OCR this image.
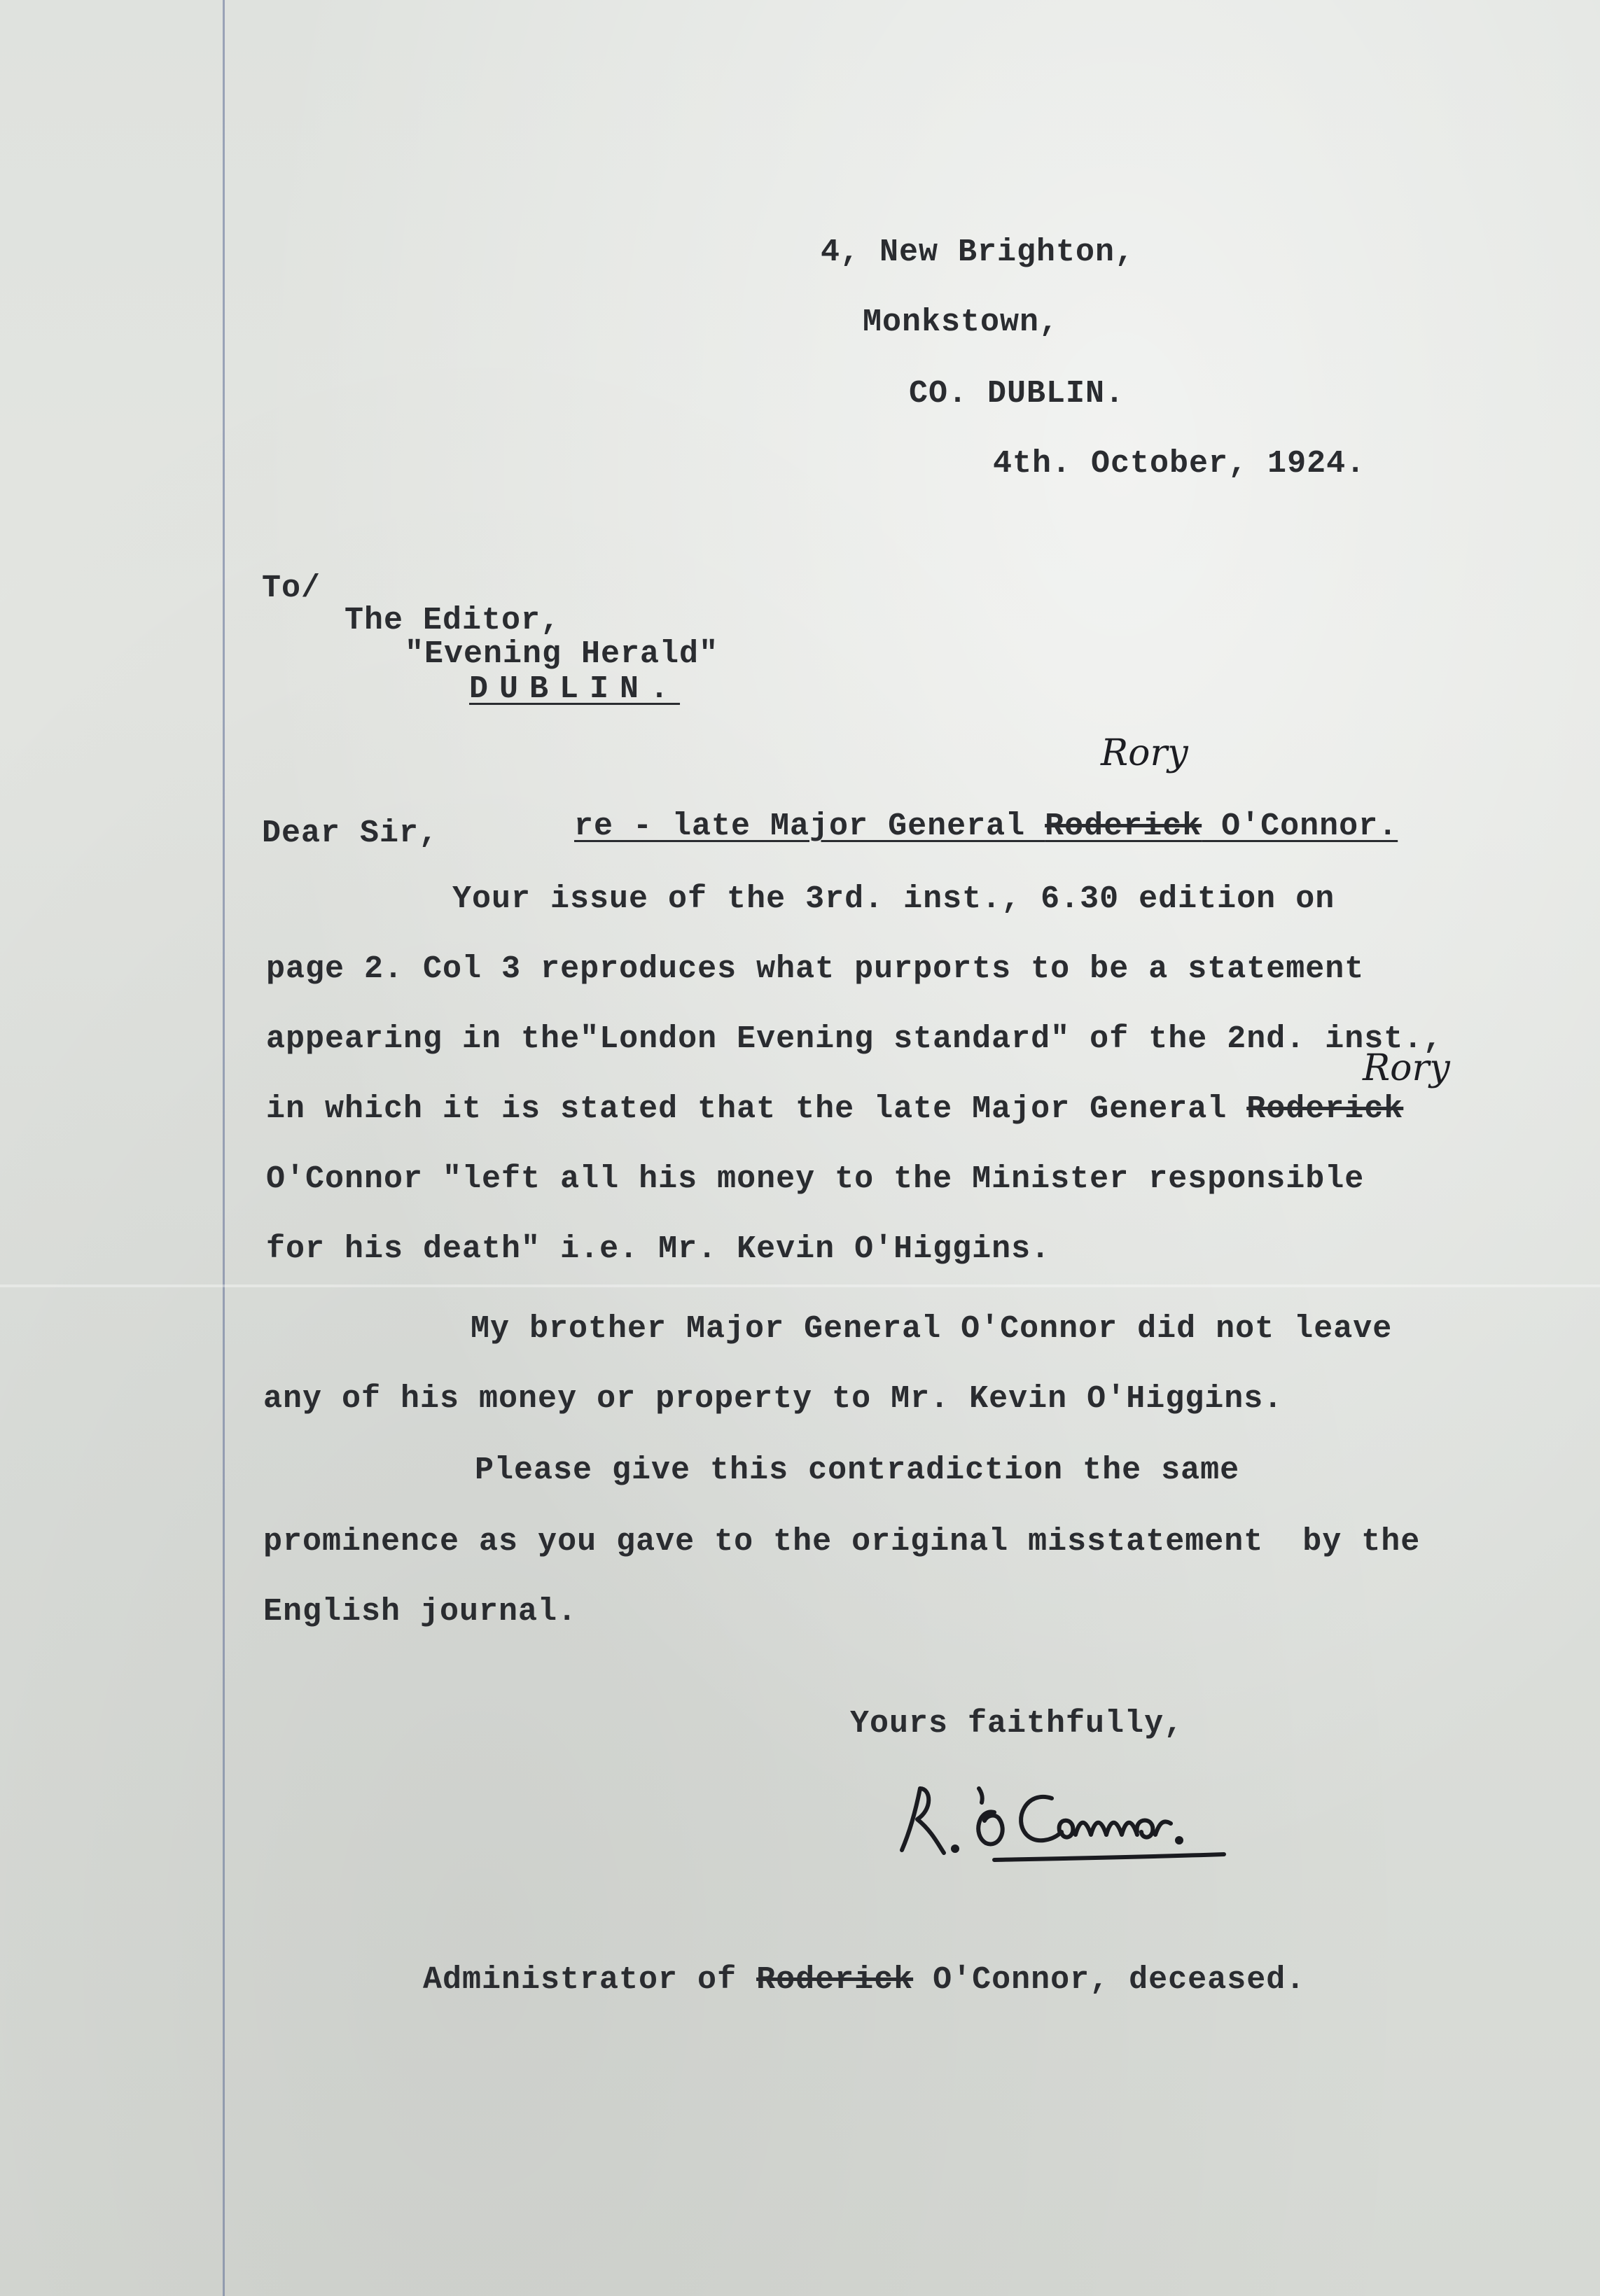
4, New Brighton,
Monkstown,
CO. DUBLIN.
4th. October, 1924.
To/
The Editor,
"Evening Herald"
DUBLIN.
Dear Sir,
Rory
re - late Major General Roderick O'Connor.
Your issue of the 3rd. inst., 6.30 edition on
page 2. Col 3 reproduces what purports to be a statement
appearing in the"London Evening standard" of the 2nd. inst.,
Rory
in which it is stated that the late Major General Roderick
O'Connor "left all his money to the Minister responsible
for his death" i.e. Mr. Kevin O'Higgins.
My brother Major General O'Connor did not leave
any of his money or property to Mr. Kevin O'Higgins.
Please give this contradiction the same
prominence as you gave to the original misstatement  by the
English journal.
Yours faithfully,
Administrator of Roderick O'Connor, deceased.
